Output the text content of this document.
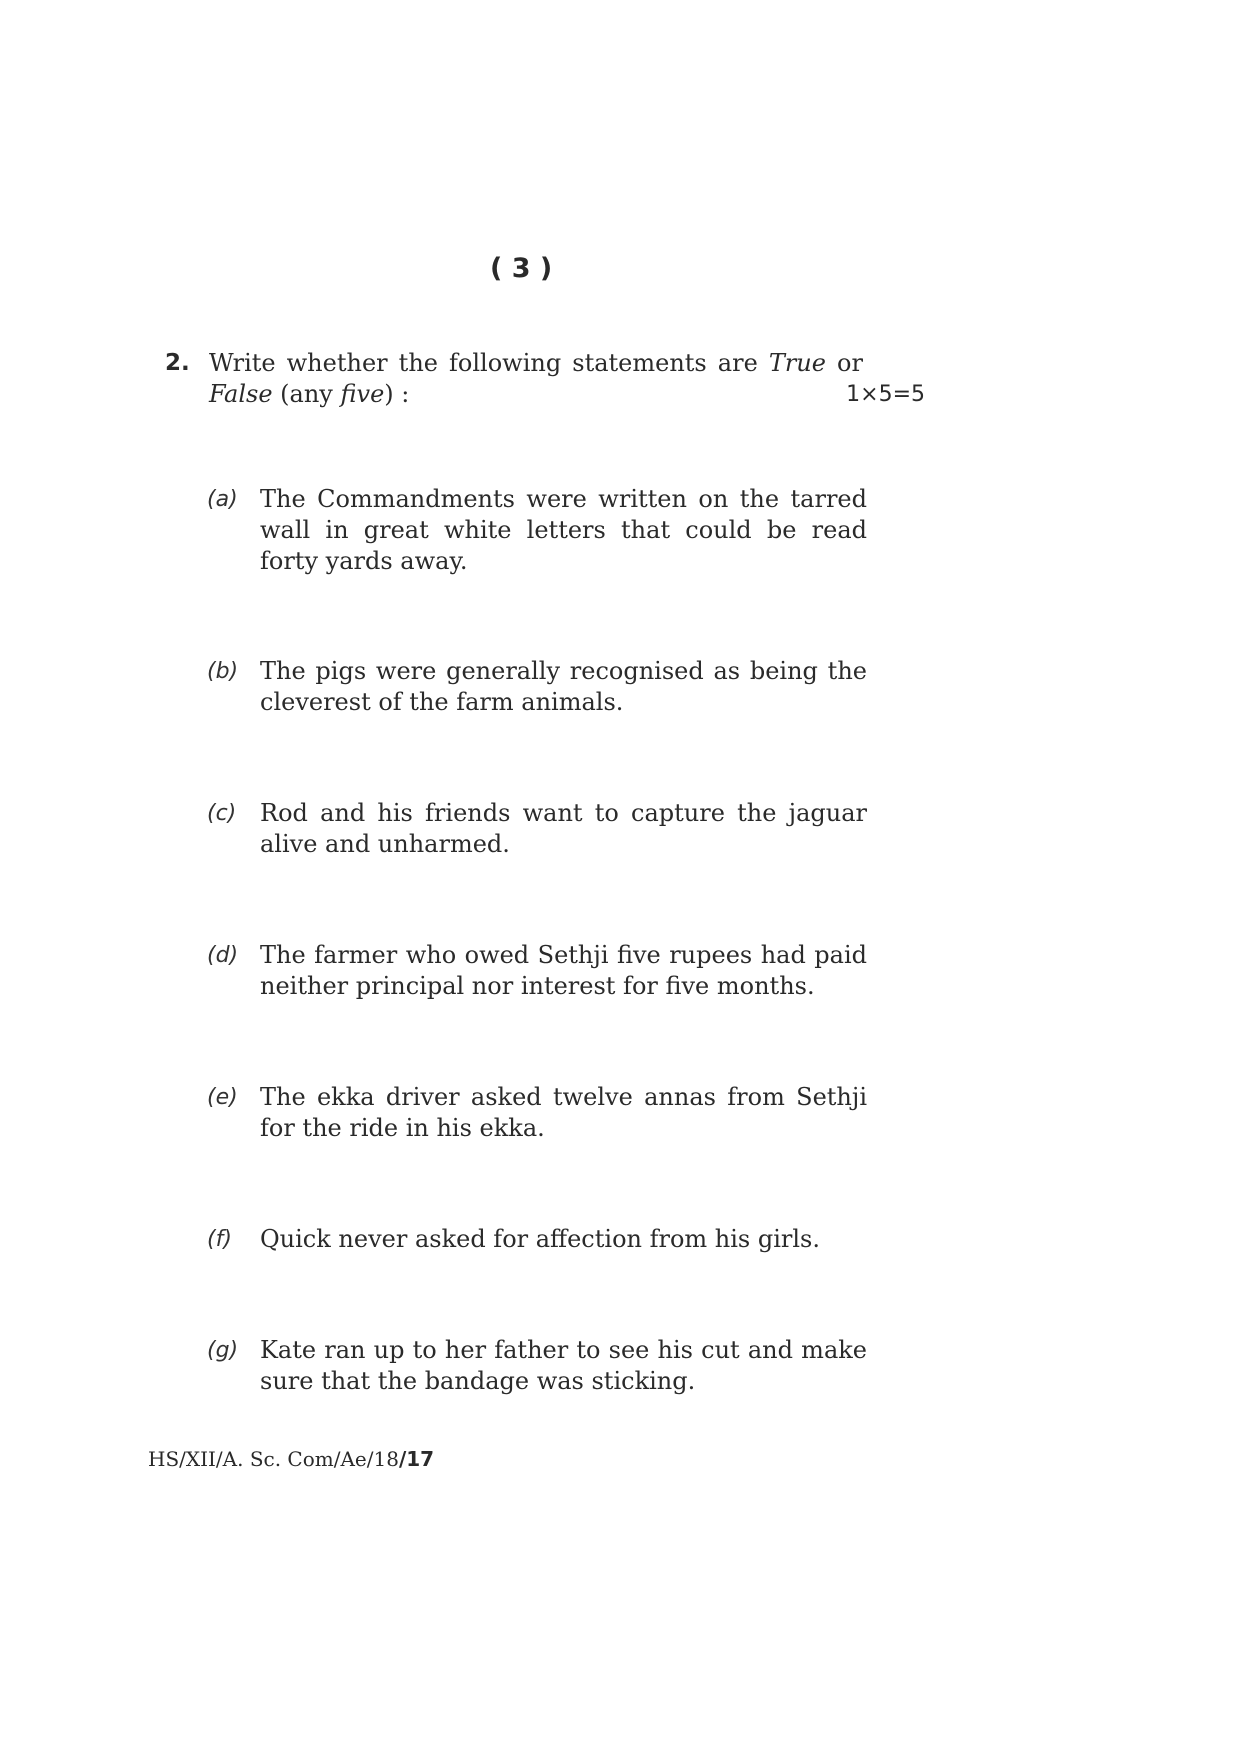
( 3 )
2. Write whether the following statements are True or
False (any five) :	1×5=5
(a) The Commandments were written on the tarred wall in great white letters that could be read forty yards away.
(b) The pigs were generally recognised as being the cleverest of the farm animals.
(c) Rod and his friends want to capture the jaguar alive and unharmed.
(d) The farmer who owed Sethji five rupees had paid neither principal nor interest for five months.
(e) The ekka driver asked twelve annas from Sethji for the ride in his ekka.
(f) Quick never asked for affection from his girls.
(g) Kate ran up to her father to see his cut and make sure that the bandage was sticking.
HS/XII/A. Sc. Com/Ae/18/17
